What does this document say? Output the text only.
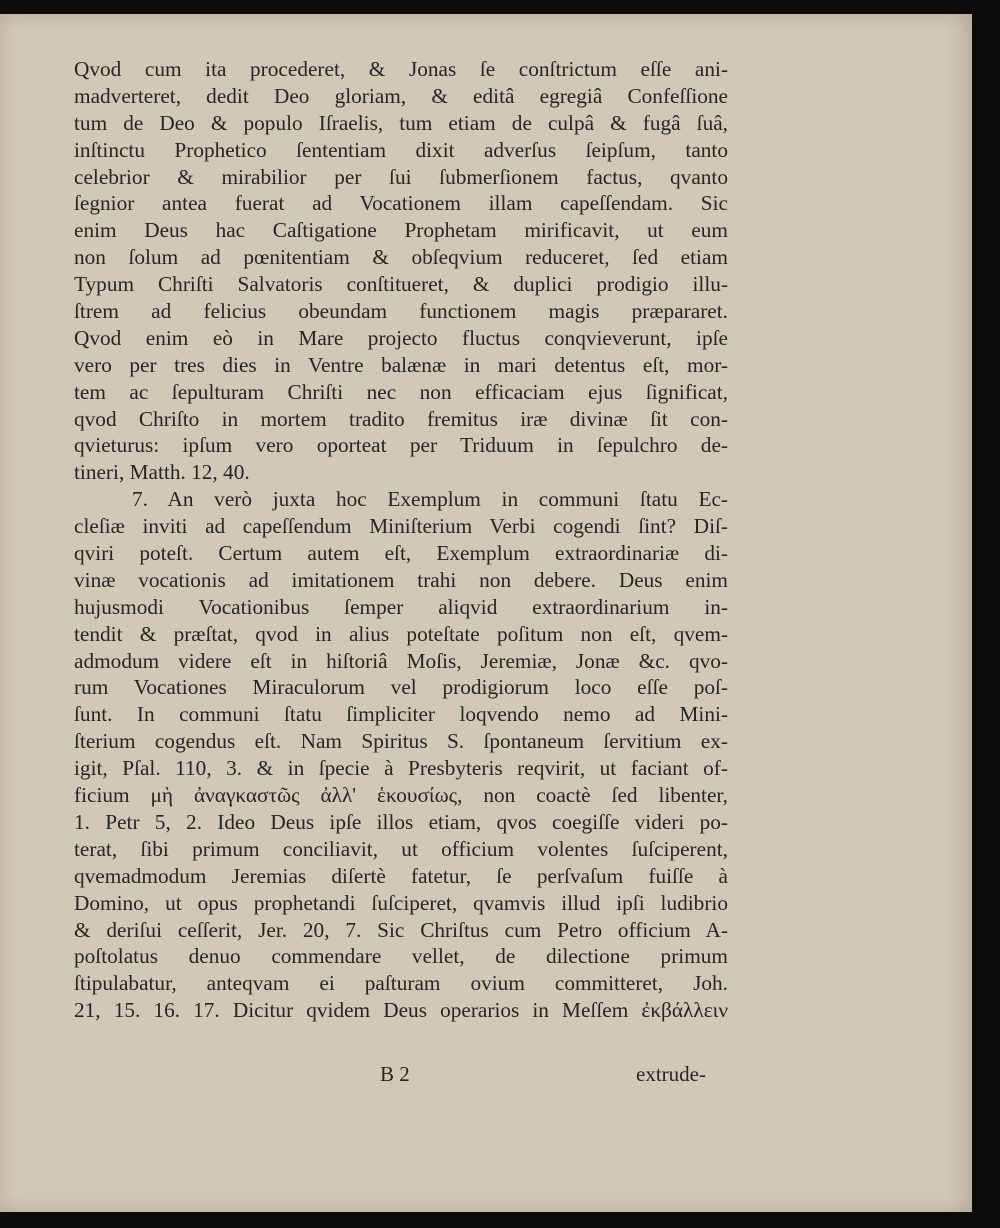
Qvod cum ita procederet, & Jonas ſe conſtrictum eſſe ani-
madverteret, dedit Deo gloriam, & editâ egregiâ Confeſſione
tum de Deo & populo Iſraelis, tum etiam de culpâ & fugâ ſuâ,
inſtinctu Prophetico ſententiam dixit adverſus ſeipſum, tanto
celebrior & mirabilior per ſui ſubmerſionem factus, qvanto
ſegnior antea fuerat ad Vocationem illam capeſſendam. Sic
enim Deus hac Caſtigatione Prophetam mirificavit, ut eum
non ſolum ad pœnitentiam & obſeqvium reduceret, ſed etiam
Typum Chriſti Salvatoris conſtitueret, & duplici prodigio illu-
ſtrem ad felicius obeundam functionem magis præpararet.
Qvod enim eò in Mare projecto fluctus conqvieverunt, ipſe
vero per tres dies in Ventre balænæ in mari detentus eſt, mor-
tem ac ſepulturam Chriſti nec non efficaciam ejus ſignificat,
qvod Chriſto in mortem tradito fremitus iræ divinæ ſit con-
qvieturus: ipſum vero oporteat per Triduum in ſepulchro de-
tineri, Matth. 12, 40.
7. An verò juxta hoc Exemplum in communi ſtatu Ec-
cleſiæ inviti ad capeſſendum Miniſterium Verbi cogendi ſint? Diſ-
qviri poteſt. Certum autem eſt, Exemplum extraordinariæ di-
vinæ vocationis ad imitationem trahi non debere. Deus enim
hujusmodi Vocationibus ſemper aliqvid extraordinarium in-
tendit & præſtat, qvod in alius poteſtate poſitum non eſt, qvem-
admodum videre eſt in hiſtoriâ Moſis, Jeremiæ, Jonæ &c. qvo-
rum Vocationes Miraculorum vel prodigiorum loco eſſe poſ-
ſunt. In communi ſtatu ſimpliciter loqvendo nemo ad Mini-
ſterium cogendus eſt. Nam Spiritus S. ſpontaneum ſervitium ex-
igit, Pſal. 110, 3. & in ſpecie à Presbyteris reqvirit, ut faciant of-
ficium μὴ ἀναγκαστῶς ἀλλ' ἑκουσίως, non coactè ſed libenter,
1. Petr 5, 2. Ideo Deus ipſe illos etiam, qvos coegiſſe videri po-
terat, ſibi primum conciliavit, ut officium volentes ſuſciperent,
qvemadmodum Jeremias diſertè fatetur, ſe perſvaſum fuiſſe à
Domino, ut opus prophetandi ſuſciperet, qvamvis illud ipſi ludibrio
& deriſui ceſſerit, Jer. 20, 7. Sic Chriſtus cum Petro officium A-
poſtolatus denuo commendare vellet, de dilectione primum
ſtipulabatur, anteqvam ei paſturam ovium committeret, Joh.
21, 15. 16. 17. Dicitur qvidem Deus operarios in Meſſem ἐκβάλλειν
B 2	extrude-
